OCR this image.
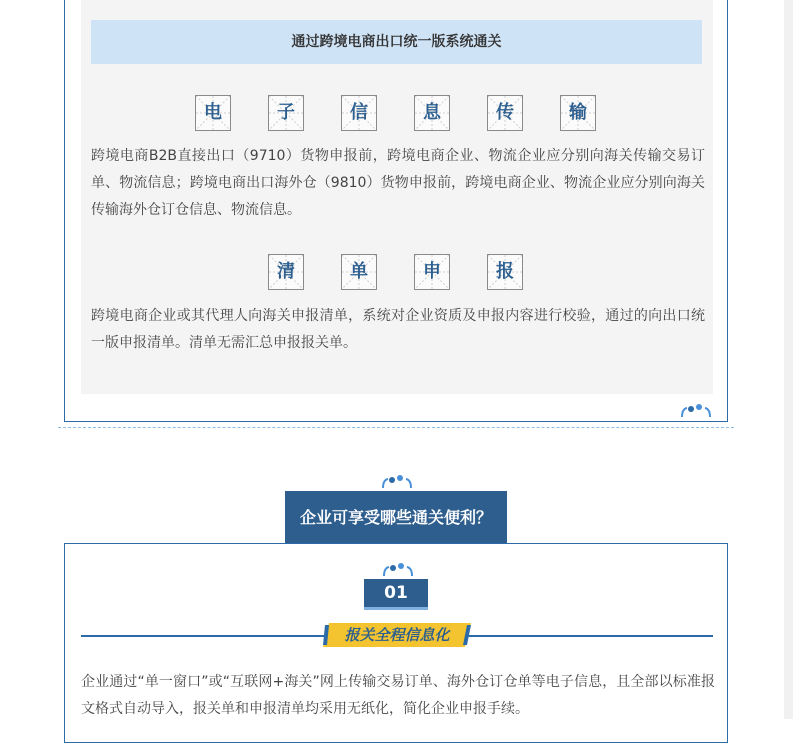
通过跨境电商出口统一版系统通关
电	子	信	息	传	输

跨境电商B2B直接出口（9710）货物申报前，跨境电商企业、物流企业应分别向海关传输交易订单、物流信息；跨境电商出口海外仓（9810）货物申报前，跨境电商企业、物流企业应分别向海关传输海外仓订仓信息、物流信息。

清	单	申	报

跨境电商企业或其代理人向海关申报清单，系统对企业资质及申报内容进行校验，通过的向出口统一版申报清单。清单无需汇总申报报关单。

企业可享受哪些通关便利？
01
报关全程信息化

企业通过“单一窗口”或“互联网+海关”网上传输交易订单、海外仓订仓单等电子信息，且全部以标准报文格式自动导入，报关单和申报清单均采用无纸化，简化企业申报手续。
